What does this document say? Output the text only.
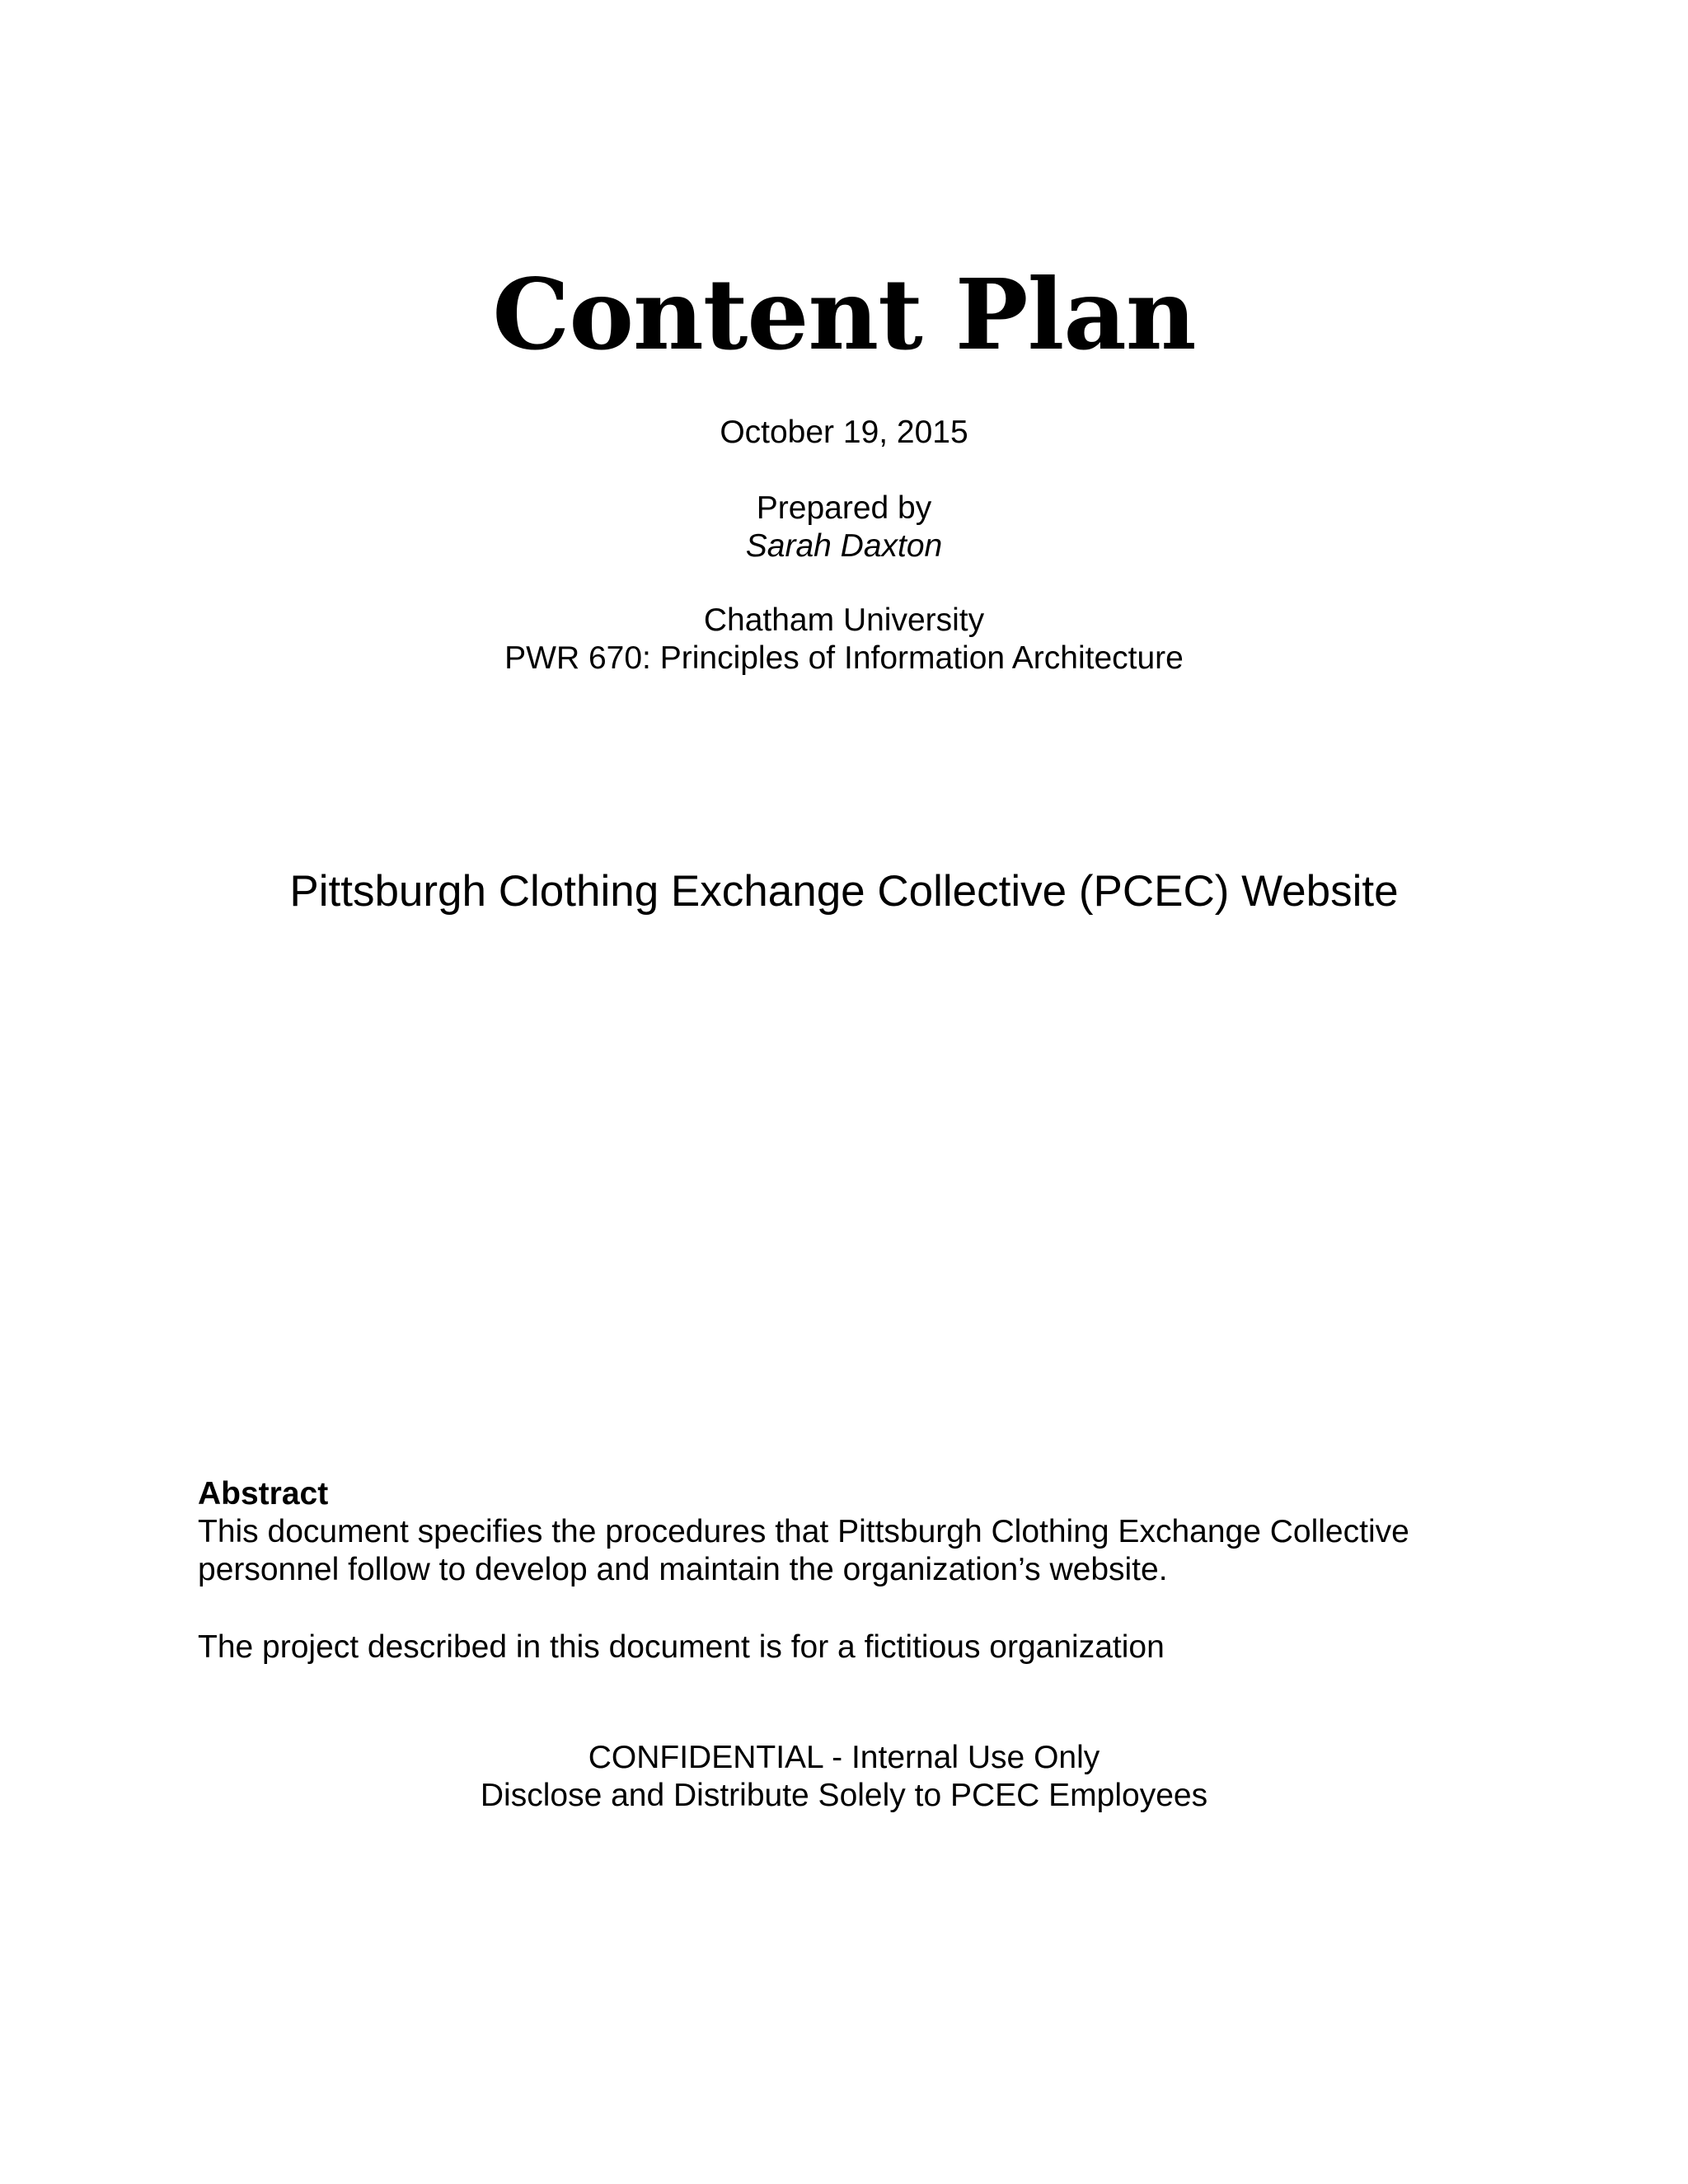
Content Plan
October 19, 2015
Prepared by
Sarah Daxton
Chatham University
PWR 670: Principles of Information Architecture
Pittsburgh Clothing Exchange Collective (PCEC) Website
Abstract
This document specifies the procedures that Pittsburgh Clothing Exchange Collective
personnel follow to develop and maintain the organization’s website.
The project described in this document is for a fictitious organization
CONFIDENTIAL - Internal Use Only
Disclose and Distribute Solely to PCEC Employees
